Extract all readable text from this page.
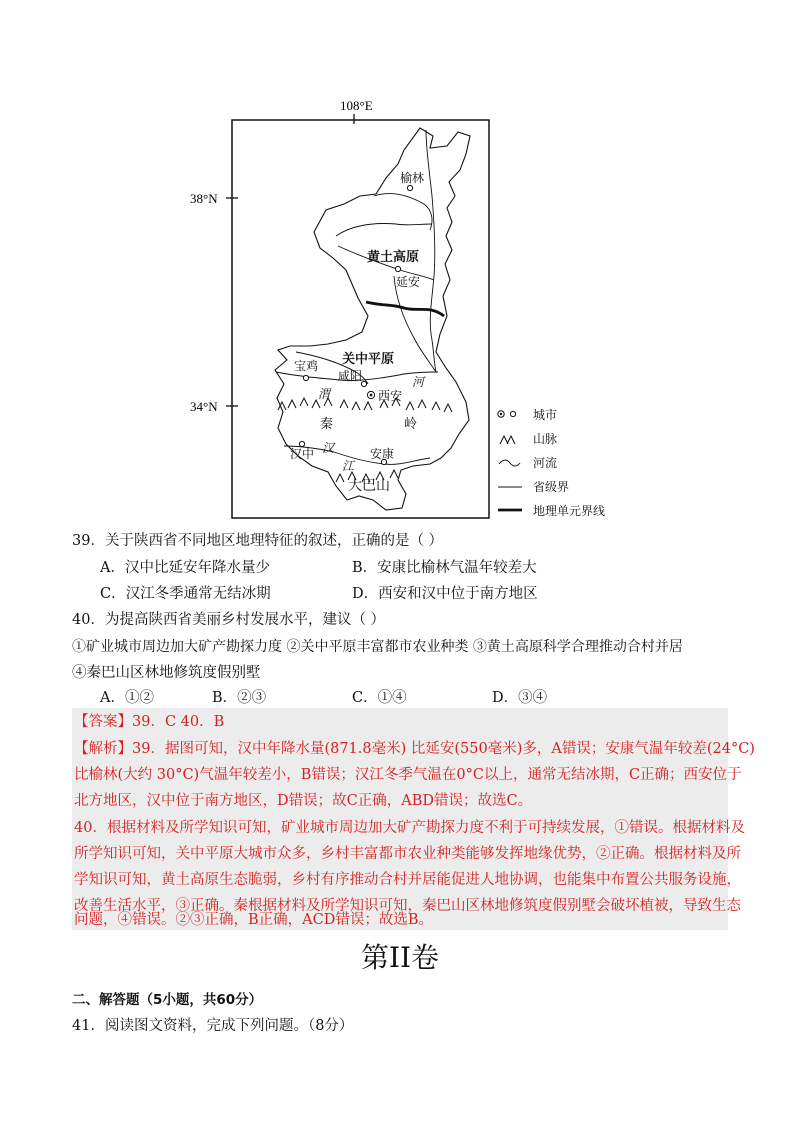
108°E
38°N
34°N
榆林
延安
宝鸡
咸阳
西安
汉中	安康
黄土高原
关中平原
大巴山
渭
河
汉
江
秦	岭
城市
山脉
河流
省级界
地理单元界线
39．关于陕西省不同地区地理特征的叙述，正确的是（ ）
A．汉中比延安年降水量少	B．安康比榆林气温年较差大
C．汉江冬季通常无结冰期	D．西安和汉中位于南方地区
40．为提高陕西省美丽乡村发展水平，建议（ ）
①矿业城市周边加大矿产勘探力度 ②关中平原丰富都市农业种类 ③黄土高原科学合理推动合村并居
④秦巴山区林地修筑度假别墅
A．①②	B．②③	C．①④	D．③④
【答案】39．C 40．B
【解析】39．据图可知，汉中年降水量(871.8毫米) 比延安(550毫米)多，A错误；安康气温年较差(24°C)
比榆林(大约 30°C)气温年较差小，B错误；汉江冬季气温在0°C以上，通常无结冰期，C正确；西安位于
北方地区，汉中位于南方地区，D错误；故C正确，ABD错误；故选C。
40．根据材料及所学知识可知，矿业城市周边加大矿产勘探力度不利于可持续发展，①错误。根据材料及
所学知识可知，关中平原大城市众多，乡村丰富都市农业种类能够发挥地缘优势，②正确。根据材料及所
学知识可知，黄土高原生态脆弱，乡村有序推动合村并居能促进人地协调，也能集中布置公共服务设施，
改善生活水平，③正确。秦根据材料及所学知识可知，秦巴山区林地修筑度假别墅会破坏植被，导致生态
问题，④错误。②③正确，B正确，ACD错误；故选B。
第II卷
二、解答题（5小题，共60分）
41．阅读图文资料，完成下列问题。（8分）
